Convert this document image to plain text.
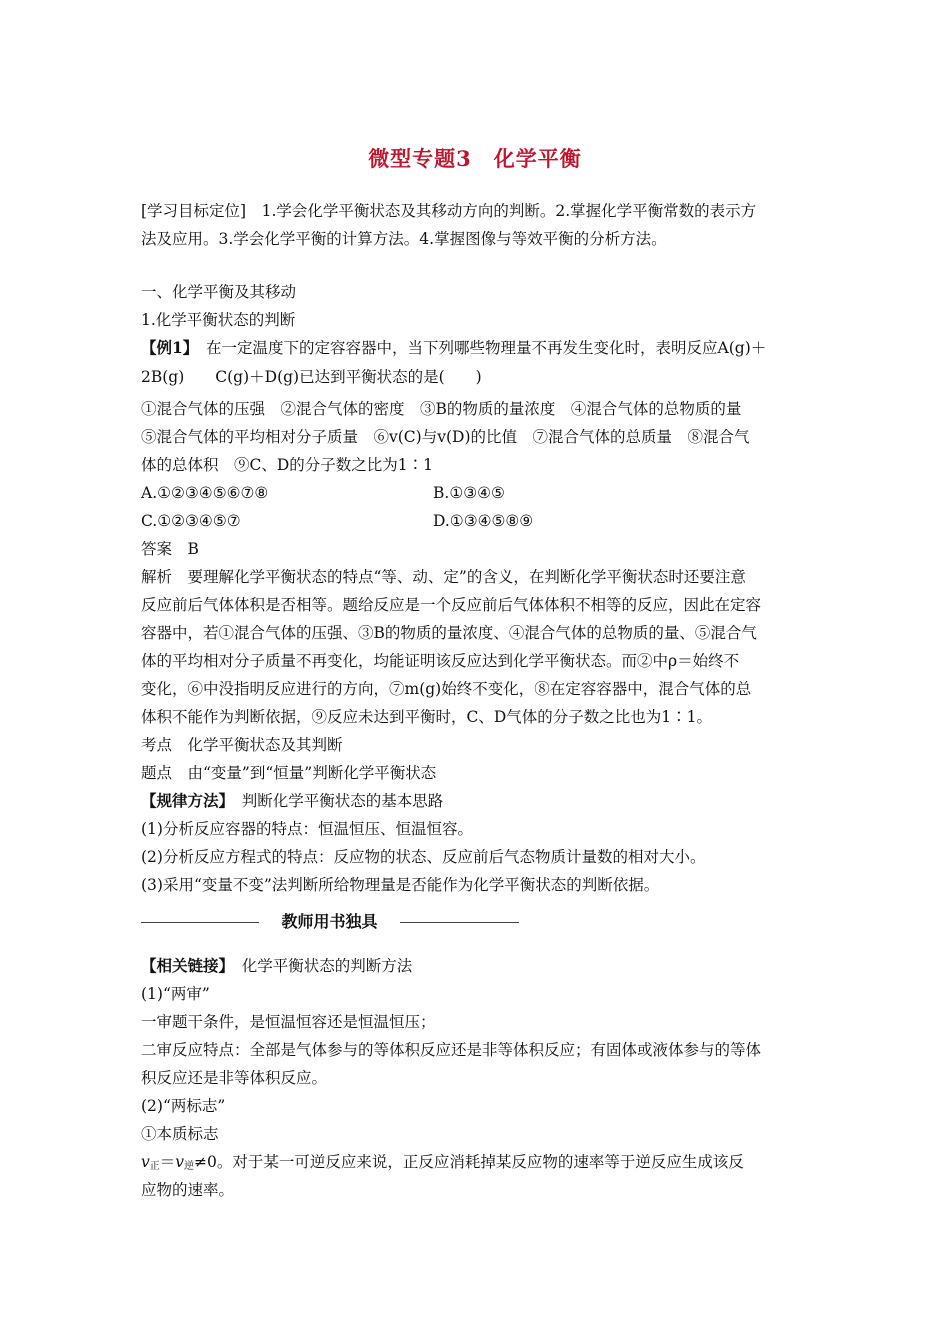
微型专题3　化学平衡
[学习目标定位]　1.学会化学平衡状态及其移动方向的判断。2.掌握化学平衡常数的表示方
法及应用。3.学会化学平衡的计算方法。4.掌握图像与等效平衡的分析方法。
一、化学平衡及其移动
1.化学平衡状态的判断
【例1】　在一定温度下的定容容器中，当下列哪些物理量不再发生变化时，表明反应A(g)＋
2B(g)　　C(g)＋D(g)已达到平衡状态的是(　　)
①混合气体的压强　②混合气体的密度　③B的物质的量浓度　④混合气体的总物质的量
⑤混合气体的平均相对分子质量　⑥v(C)与v(D)的比值　⑦混合气体的总质量　⑧混合气
体的总体积　⑨C、D的分子数之比为1∶1
A.①②③④⑤⑥⑦⑧	B.①③④⑤
C.①②③④⑤⑦	D.①③④⑤⑧⑨
答案　B
解析　要理解化学平衡状态的特点“等、动、定”的含义，在判断化学平衡状态时还要注意
反应前后气体体积是否相等。题给反应是一个反应前后气体体积不相等的反应，因此在定容
容器中，若①混合气体的压强、③B的物质的量浓度、④混合气体的总物质的量、⑤混合气
体的平均相对分子质量不再变化，均能证明该反应达到化学平衡状态。而②中ρ＝始终不
变化，⑥中没指明反应进行的方向，⑦m(g)始终不变化，⑧在定容容器中，混合气体的总
体积不能作为判断依据，⑨反应未达到平衡时，C、D气体的分子数之比也为1∶1。
考点　化学平衡状态及其判断
题点　由“变量”到“恒量”判断化学平衡状态
【规律方法】　判断化学平衡状态的基本思路
(1)分析反应容器的特点：恒温恒压、恒温恒容。
(2)分析反应方程式的特点：反应物的状态、反应前后气态物质计量数的相对大小。
(3)采用“变量不变”法判断所给物理量是否能作为化学平衡状态的判断依据。
教师用书独具
【相关链接】　化学平衡状态的判断方法
(1)“两审”
一审题干条件，是恒温恒容还是恒温恒压；
二审反应特点：全部是气体参与的等体积反应还是非等体积反应；有固体或液体参与的等体
积反应还是非等体积反应。
(2)“两标志”
①本质标志
$v_正=v_逆\ne 0$。对于某一可逆反应来说，正反应消耗掉某反应物的速率等于逆反应生成该反
应物的速率。
